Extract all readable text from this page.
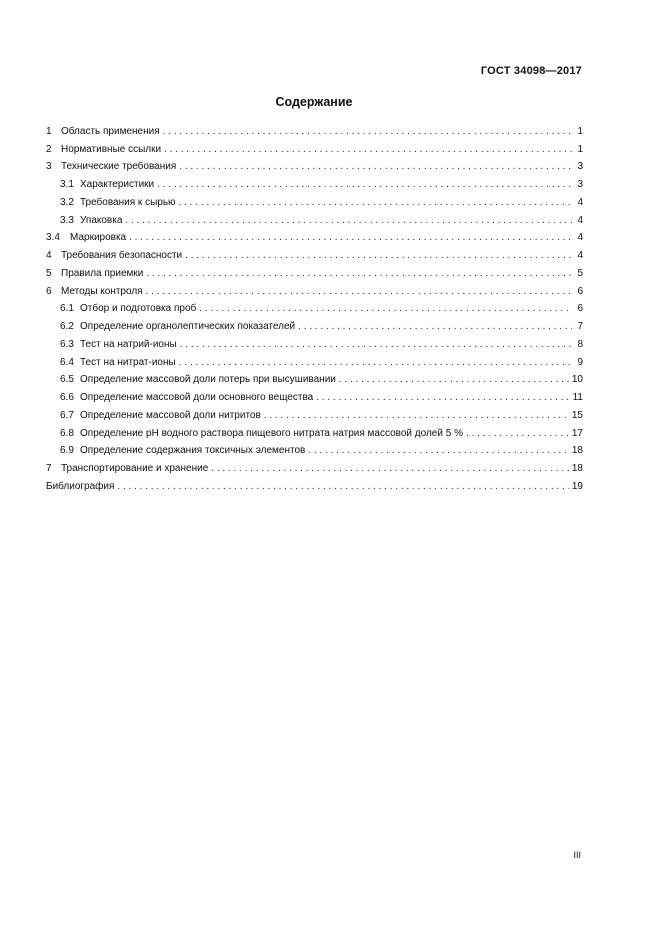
ГОСТ 34098—2017
Содержание
1 Область применения . . .	1
2 Нормативные ссылки . . .	1
3 Технические требования . . .	3
3.1 Характеристики . . .	3
3.2 Требования к сырью . . .	4
3.3 Упаковка . . .	4
3.4	Маркировка . . .	4
4 Требования безопасности . . .	4
5 Правила приемки . . .	5
6 Методы контроля . . .	6
6.1 Отбор и подготовка проб . . .	6
6.2 Определение органолептических показателей . . .	7
6.3 Тест на натрий-ионы . . .	8
6.4 Тест на нитрат-ионы . . .	9
6.5 Определение массовой доли потерь при высушивании . . .	10
6.6 Определение массовой доли основного вещества . . .	11
6.7 Определение массовой доли нитритов . . .	15
6.8 Определение pH водного раствора пищевого нитрата натрия массовой долей 5 % . . .	17
6.9 Определение содержания токсичных элементов . . .	18
7 Транспортирование и хранение . . .	18
Библиография . . .	19
III
